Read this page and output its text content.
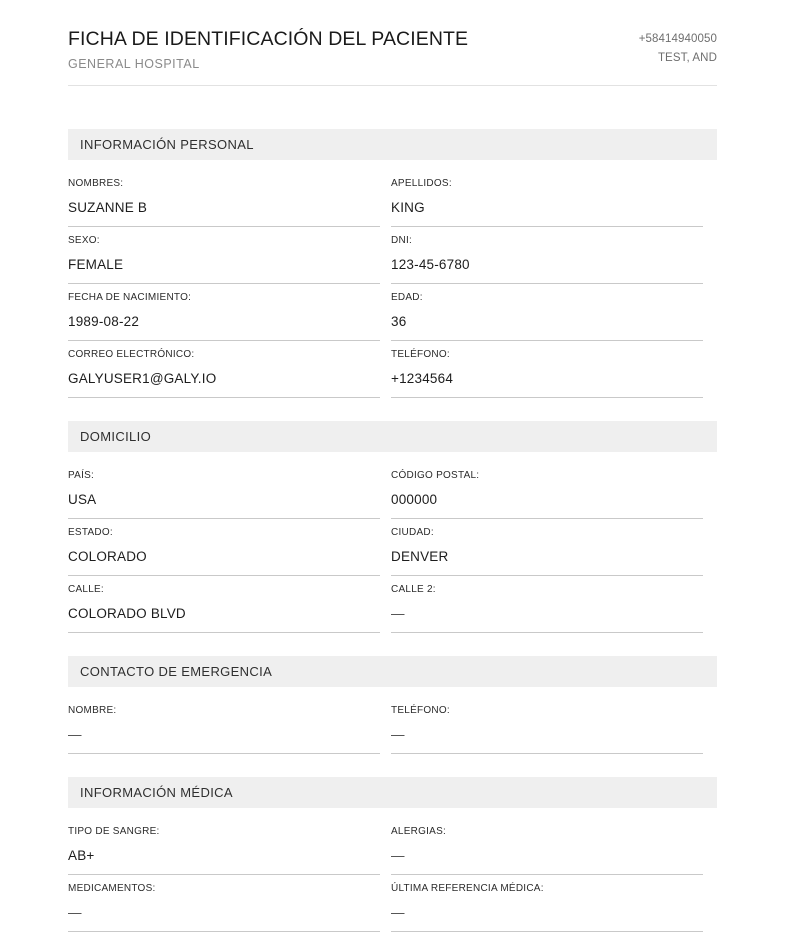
FICHA DE IDENTIFICACIÓN DEL PACIENTE
GENERAL HOSPITAL
+58414940050
TEST, AND
INFORMACIÓN PERSONAL
NOMBRES:
SUZANNE B
APELLIDOS:
KING
SEXO:
FEMALE
DNI:
123-45-6780
FECHA DE NACIMIENTO:
1989-08-22
EDAD:
36
CORREO ELECTRÓNICO:
GALYUSER1@GALY.IO
TELÉFONO:
+1234564
DOMICILIO
PAÍS:
USA
CÓDIGO POSTAL:
000000
ESTADO:
COLORADO
CIUDAD:
DENVER
CALLE:
COLORADO BLVD
CALLE 2:
—
CONTACTO DE EMERGENCIA
NOMBRE:
—
TELÉFONO:
—
INFORMACIÓN MÉDICA
TIPO DE SANGRE:
AB+
ALERGIAS:
—
MEDICAMENTOS:
—
ÚLTIMA REFERENCIA MÉDICA:
—
